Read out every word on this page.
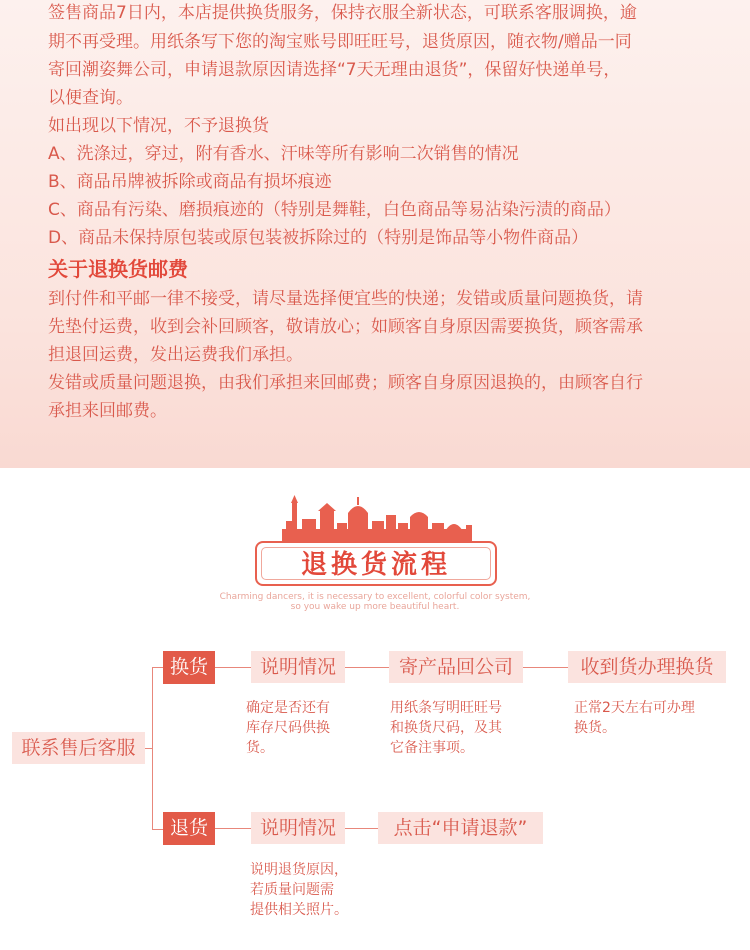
签售商品7日内，本店提供换货服务，保持衣服全新状态，可联系客服调换，逾
期不再受理。用纸条写下您的淘宝账号即旺旺号，退货原因，随衣物/赠品一同
寄回潮姿舞公司，申请退款原因请选择“7天无理由退货”，保留好快递单号，
以便查询。
如出现以下情况，不予退换货
A、洗涤过，穿过，附有香水、汗味等所有影响二次销售的情况
B、商品吊牌被拆除或商品有损坏痕迹
C、商品有污染、磨损痕迹的（特别是舞鞋，白色商品等易沾染污渍的商品）
D、商品未保持原包装或原包装被拆除过的（特别是饰品等小物件商品）
关于退换货邮费
到付件和平邮一律不接受，请尽量选择便宜些的快递；发错或质量问题换货，请
先垫付运费，收到会补回顾客，敬请放心；如顾客自身原因需要换货，顾客需承
担退回运费，发出运费我们承担。
发错或质量问题退换，由我们承担来回邮费；顾客自身原因退换的，由顾客自行
承担来回邮费。
退换货流程
Charming dancers, it is necessary to excellent, colorful color system,
so you wake up more beautiful heart.
联系售后客服
换货	说明情况	寄产品回公司	收到货办理换货
确定是否还有
库存尺码供换
货。
用纸条写明旺旺号
和换货尺码，及其
它备注事项。
正常2天左右可办理
换货。
退货	说明情况	点击“申请退款”
说明退货原因，
若质量问题需
提供相关照片。
